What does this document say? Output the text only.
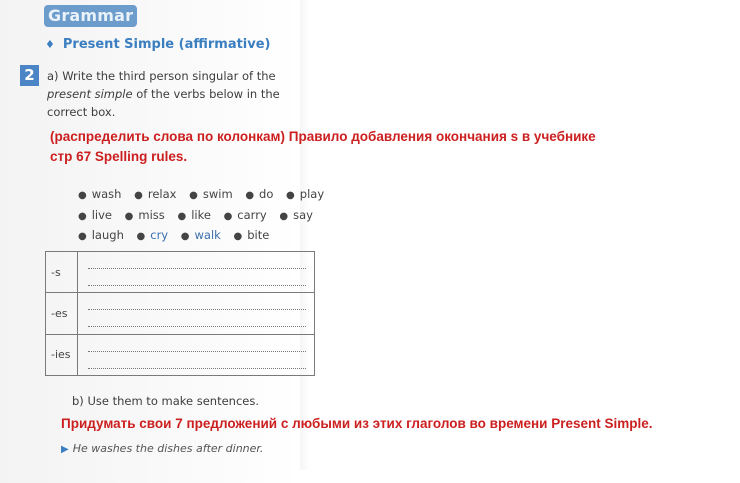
Grammar
♦ Present Simple (affirmative)
2	a) Write the third person singular of the present simple of the verbs below in the correct box.
(распределить слова по колонкам) Правило добавления окончания s в учебнике стр 67 Spelling rules.
● wash ● relax ● swim ● do ● play
● live ● miss ● like ● carry ● say
● laugh ● cry ● walk ● bite
-s
-es
-ies
b) Use them to make sentences.
Придумать свои 7 предложений с любыми из этих глаголов во времени Present Simple.
▶ He washes the dishes after dinner.
